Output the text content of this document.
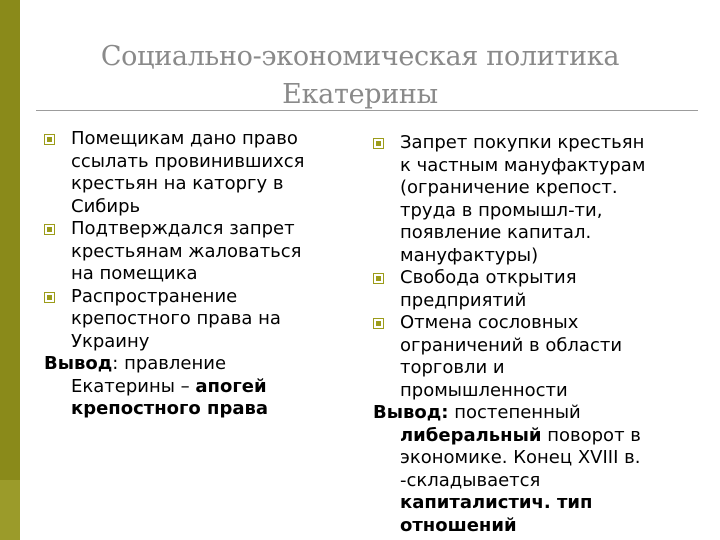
Социально-экономическая политика
Екатерины
Помещикам дано право
ссылать провинившихся
крестьян на каторгу в
Сибирь
Подтверждался запрет
крестьянам жаловаться
на помещика
Распространение
крепостного права на
Украину
Вывод: правление
Екатерины – апогей
крепостного права
Запрет покупки крестьян
к частным мануфактурам
(ограничение крепост.
труда в промышл-ти,
появление капитал.
мануфактуры)
Свобода открытия
предприятий
Отмена сословных
ограничений в области
торговли и
промышленности
Вывод: постепенный
либеральный поворот в
экономике. Конец XVIII в.
-складывается
капиталистич. тип
отношений
